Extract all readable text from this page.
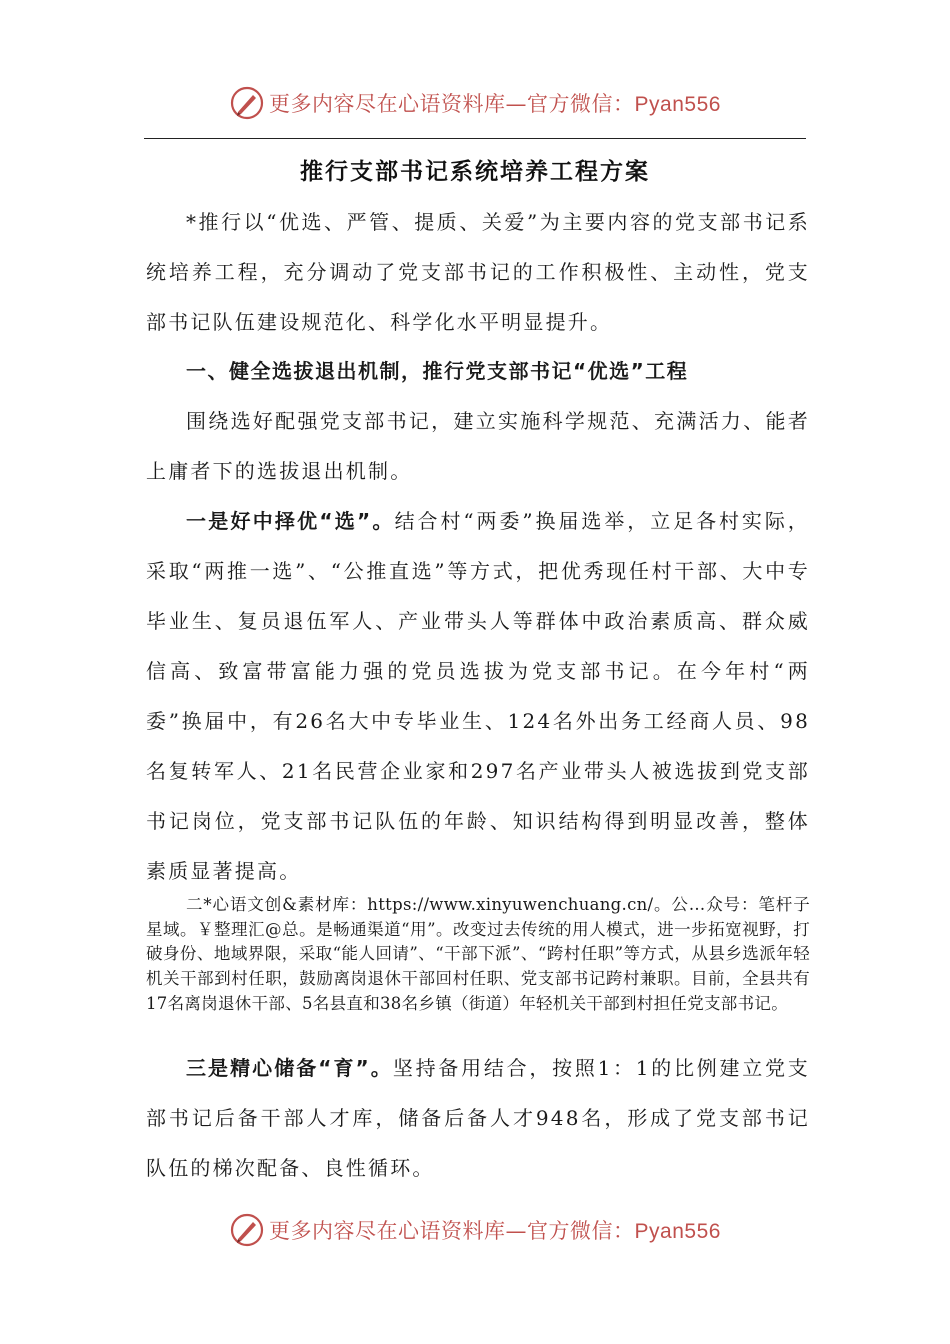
更多内容尽在心语资料库—官方微信：Pyan556
推行支部书记系统培养工程方案

*推行以“优选、严管、提质、关爱”为主要内容的党支部书记系统培养工程，充分调动了党支部书记的工作积极性、主动性，党支部书记队伍建设规范化、科学化水平明显提升。

一、健全选拔退出机制，推行党支部书记“优选”工程

围绕选好配强党支部书记，建立实施科学规范、充满活力、能者上庸者下的选拔退出机制。

一是好中择优“选”。结合村“两委”换届选举，立足各村实际，采取“两推一选”、“公推直选”等方式，把优秀现任村干部、大中专毕业生、复员退伍军人、产业带头人等群体中政治素质高、群众威信高、致富带富能力强的党员选拔为党支部书记。在今年村“两委”换届中，有26名大中专毕业生、124名外出务工经商人员、98名复转军人、21名民营企业家和297名产业带头人被选拔到党支部书记岗位，党支部书记队伍的年龄、知识结构得到明显改善，整体素质显著提高。

二*心语文创&素材库：https://www.xinyuwenchuang.cn/。公…众号：笔杆子星域。￥整理汇@总。是畅通渠道“用”。改变过去传统的用人模式，进一步拓宽视野，打破身份、地域界限，采取“能人回请”、“干部下派”、“跨村任职”等方式，从县乡选派年轻机关干部到村任职，鼓励离岗退休干部回村任职、党支部书记跨村兼职。目前，全县共有17名离岗退休干部、5名县直和38名乡镇（街道）年轻机关干部到村担任党支部书记。

三是精心储备“育”。坚持备用结合，按照1：1的比例建立党支部书记后备干部人才库，储备后备人才948名，形成了党支部书记队伍的梯次配备、良性循环。

更多内容尽在心语资料库—官方微信：Pyan556
